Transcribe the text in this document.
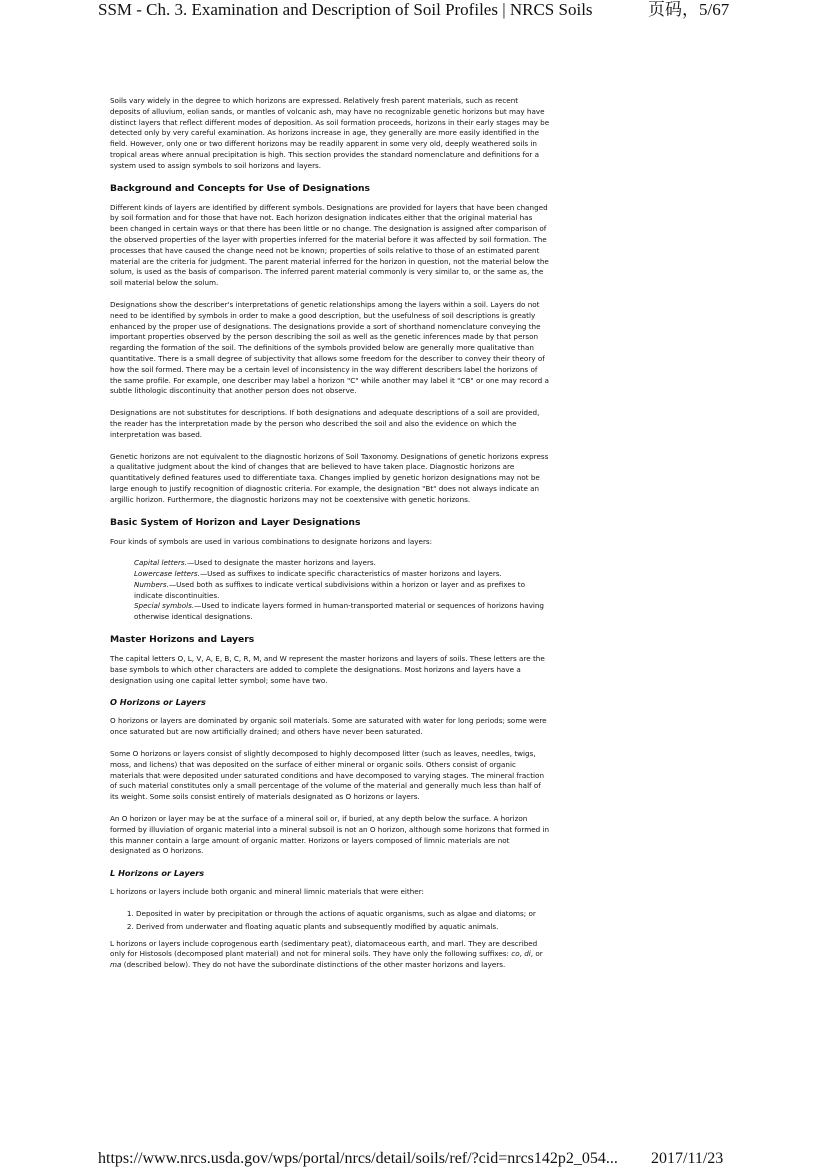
SSM - Ch. 3. Examination and Description of Soil Profiles | NRCS Soils	页码，5/67

Soils vary widely in the degree to which horizons are expressed. Relatively fresh parent materials, such as recent deposits of alluvium, eolian sands, or mantles of volcanic ash, may have no recognizable genetic horizons but may have distinct layers that reflect different modes of deposition. As soil formation proceeds, horizons in their early stages may be detected only by very careful examination. As horizons increase in age, they generally are more easily identified in the field. However, only one or two different horizons may be readily apparent in some very old, deeply weathered soils in tropical areas where annual precipitation is high. This section provides the standard nomenclature and definitions for a system used to assign symbols to soil horizons and layers.

Background and Concepts for Use of Designations

Different kinds of layers are identified by different symbols. Designations are provided for layers that have been changed by soil formation and for those that have not. Each horizon designation indicates either that the original material has been changed in certain ways or that there has been little or no change. The designation is assigned after comparison of the observed properties of the layer with properties inferred for the material before it was affected by soil formation. The processes that have caused the change need not be known; properties of soils relative to those of an estimated parent material are the criteria for judgment. The parent material inferred for the horizon in question, not the material below the solum, is used as the basis of comparison. The inferred parent material commonly is very similar to, or the same as, the soil material below the solum.

Designations show the describer's interpretations of genetic relationships among the layers within a soil. Layers do not need to be identified by symbols in order to make a good description, but the usefulness of soil descriptions is greatly enhanced by the proper use of designations. The designations provide a sort of shorthand nomenclature conveying the important properties observed by the person describing the soil as well as the genetic inferences made by that person regarding the formation of the soil. The definitions of the symbols provided below are generally more qualitative than quantitative. There is a small degree of subjectivity that allows some freedom for the describer to convey their theory of how the soil formed. There may be a certain level of inconsistency in the way different describers label the horizons of the same profile. For example, one describer may label a horizon "C" while another may label it "CB" or one may record a subtle lithologic discontinuity that another person does not observe.

Designations are not substitutes for descriptions. If both designations and adequate descriptions of a soil are provided, the reader has the interpretation made by the person who described the soil and also the evidence on which the interpretation was based.

Genetic horizons are not equivalent to the diagnostic horizons of Soil Taxonomy. Designations of genetic horizons express a qualitative judgment about the kind of changes that are believed to have taken place. Diagnostic horizons are quantitatively defined features used to differentiate taxa. Changes implied by genetic horizon designations may not be large enough to justify recognition of diagnostic criteria. For example, the designation "Bt" does not always indicate an argillic horizon. Furthermore, the diagnostic horizons may not be coextensive with genetic horizons.

Basic System of Horizon and Layer Designations

Four kinds of symbols are used in various combinations to designate horizons and layers:

Capital letters.—Used to designate the master horizons and layers.
Lowercase letters.—Used as suffixes to indicate specific characteristics of master horizons and layers.
Numbers.—Used both as suffixes to indicate vertical subdivisions within a horizon or layer and as prefixes to indicate discontinuities.
Special symbols.—Used to indicate layers formed in human-transported material or sequences of horizons having otherwise identical designations.
Master Horizons and Layers

The capital letters O, L, V, A, E, B, C, R, M, and W represent the master horizons and layers of soils. These letters are the base symbols to which other characters are added to complete the designations. Most horizons and layers have a designation using one capital letter symbol; some have two.

O Horizons or Layers

O horizons or layers are dominated by organic soil materials. Some are saturated with water for long periods; some were once saturated but are now artificially drained; and others have never been saturated.

Some O horizons or layers consist of slightly decomposed to highly decomposed litter (such as leaves, needles, twigs, moss, and lichens) that was deposited on the surface of either mineral or organic soils. Others consist of organic materials that were deposited under saturated conditions and have decomposed to varying stages. The mineral fraction of such material constitutes only a small percentage of the volume of the material and generally much less than half of its weight. Some soils consist entirely of materials designated as O horizons or layers.

An O horizon or layer may be at the surface of a mineral soil or, if buried, at any depth below the surface. A horizon formed by illuviation of organic material into a mineral subsoil is not an O horizon, although some horizons that formed in this manner contain a large amount of organic matter. Horizons or layers composed of limnic materials are not designated as O horizons.

L Horizons or Layers

L horizons or layers include both organic and mineral limnic materials that were either:

1. Deposited in water by precipitation or through the actions of aquatic organisms, such as algae and diatoms; or
2. Derived from underwater and floating aquatic plants and subsequently modified by aquatic animals.

L horizons or layers include coprogenous earth (sedimentary peat), diatomaceous earth, and marl. They are described only for Histosols (decomposed plant material) and not for mineral soils. They have only the following suffixes: co, di, or ma (described below). They do not have the subordinate distinctions of the other master horizons and layers.

https://www.nrcs.usda.gov/wps/portal/nrcs/detail/soils/ref/?cid=nrcs142p2_054... 2017/11/23
